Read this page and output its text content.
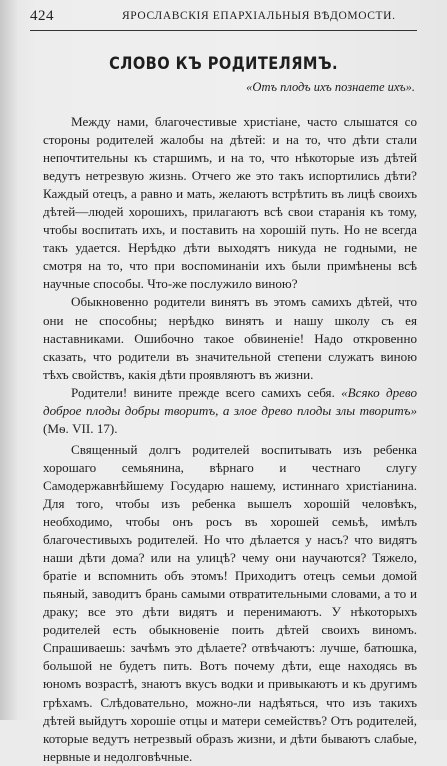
424	ЯРОСЛАВСКІЯ ЕПАРХІАЛЬНЫЯ ВѢДОМОСТИ.
СЛОВО КЪ РОДИТЕЛЯМЪ.
«Отъ плодъ ихъ познаете ихъ».

Между нами, благочестивые христіане, часто слышатся со стороны родителей жалобы на дѣтей: и на то, что дѣти стали непочтительны къ старшимъ, и на то, что нѣкоторые изъ дѣтей ведутъ нетрезвую жизнь. Отчего же это такъ испортились дѣти? Каждый отецъ, а равно и мать, желаютъ встрѣтить въ лицѣ своихъ дѣтей—людей хорошихъ, прилагаютъ всѣ свои старанія къ тому, чтобы воспитать ихъ, и поставить на хорошій путь. Но не всегда такъ удается. Нерѣдко дѣти выходятъ никуда не годными, не смотря на то, что при воспоминаніи ихъ были примѣнены всѣ научные способы. Что-же послужило виною?

Обыкновенно родители винятъ въ этомъ самихъ дѣтей, что они не способны; нерѣдко винятъ и нашу школу съ ея наставниками. Ошибочно такое обвиненіе! Надо откровенно сказать, что родители въ значительной степени служатъ виною тѣхъ свойствъ, какія дѣти проявляютъ въ жизни.

Родители! вините прежде всего самихъ себя. «Всяко древо доброе плоды добры творитъ, а злое древо плоды злы творитъ» (Мѳ. VII. 17).

Священный долгъ родителей воспитывать изъ ребенка хорошаго семьянина, вѣрнаго и честнаго слугу Самодержавнѣйшему Государю нашему, истиннаго христіанина. Для того, чтобы изъ ребенка вышелъ хорошій человѣкъ, необходимо, чтобы онъ росъ въ хорошей семьѣ, имѣлъ благочестивыхъ родителей. Но что дѣлается у насъ? что видятъ наши дѣти дома? или на улицѣ? чему они научаются? Тяжело, братіе и вспомнить объ этомъ! Приходитъ отецъ семьи домой пьяный, заводитъ брань самыми отвратительными словами, а то и драку; все это дѣти видятъ и перенимаютъ. У нѣкоторыхъ родителей есть обыкновеніе поить дѣтей своихъ виномъ. Спрашиваешь: зачѣмъ это дѣлаете? отвѣчаютъ: лучше, батюшка, большой не будетъ пить. Вотъ почему дѣти, еще находясь въ юномъ возрастѣ, знаютъ вкусъ водки и привыкаютъ и къ другимъ грѣхамъ. Слѣдовательно, можно-ли надѣяться, что изъ такихъ дѣтей выйдутъ хорошіе отцы и матери семействъ? Отъ родителей, которые ведутъ нетрезвый образъ жизни, и дѣти бываютъ слабые, нервные и недолговѣчные.
